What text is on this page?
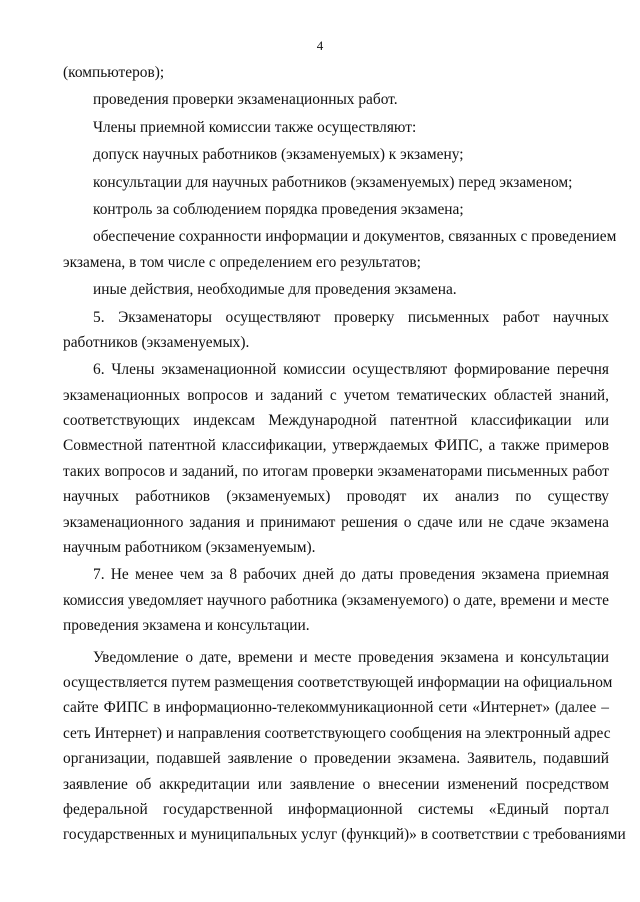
4
(компьютеров);
проведения проверки экзаменационных работ.
Члены приемной комиссии также осуществляют:
допуск научных работников (экзаменуемых) к экзамену;
консультации для научных работников (экзаменуемых) перед экзаменом;
контроль за соблюдением порядка проведения экзамена;
обеспечение сохранности информации и документов, связанных с проведением
экзамена, в том числе с определением его результатов;
иные действия, необходимые для проведения экзамена.
5. Экзаменаторы осуществляют проверку письменных работ научных
работников (экзаменуемых).
6. Члены экзаменационной комиссии осуществляют формирование перечня
экзаменационных вопросов и заданий с учетом тематических областей знаний,
соответствующих индексам Международной патентной классификации или
Совместной патентной классификации, утверждаемых ФИПС, а также примеров
таких вопросов и заданий, по итогам проверки экзаменаторами письменных работ
научных работников (экзаменуемых) проводят их анализ по существу
экзаменационного задания и принимают решения о сдаче или не сдаче экзамена
научным работником (экзаменуемым).
7. Не менее чем за 8 рабочих дней до даты проведения экзамена приемная
комиссия уведомляет научного работника (экзаменуемого) о дате, времени и месте
проведения экзамена и консультации.
Уведомление о дате, времени и месте проведения экзамена и консультации
осуществляется путем размещения соответствующей информации на официальном
сайте ФИПС в информационно-телекоммуникационной сети «Интернет» (далее –
сеть Интернет) и направления соответствующего сообщения на электронный адрес
организации, подавшей заявление о проведении экзамена. Заявитель, подавший
заявление об аккредитации или заявление о внесении изменений посредством
федеральной государственной информационной системы «Единый портал
государственных и муниципальных услуг (функций)» в соответствии с требованиями
